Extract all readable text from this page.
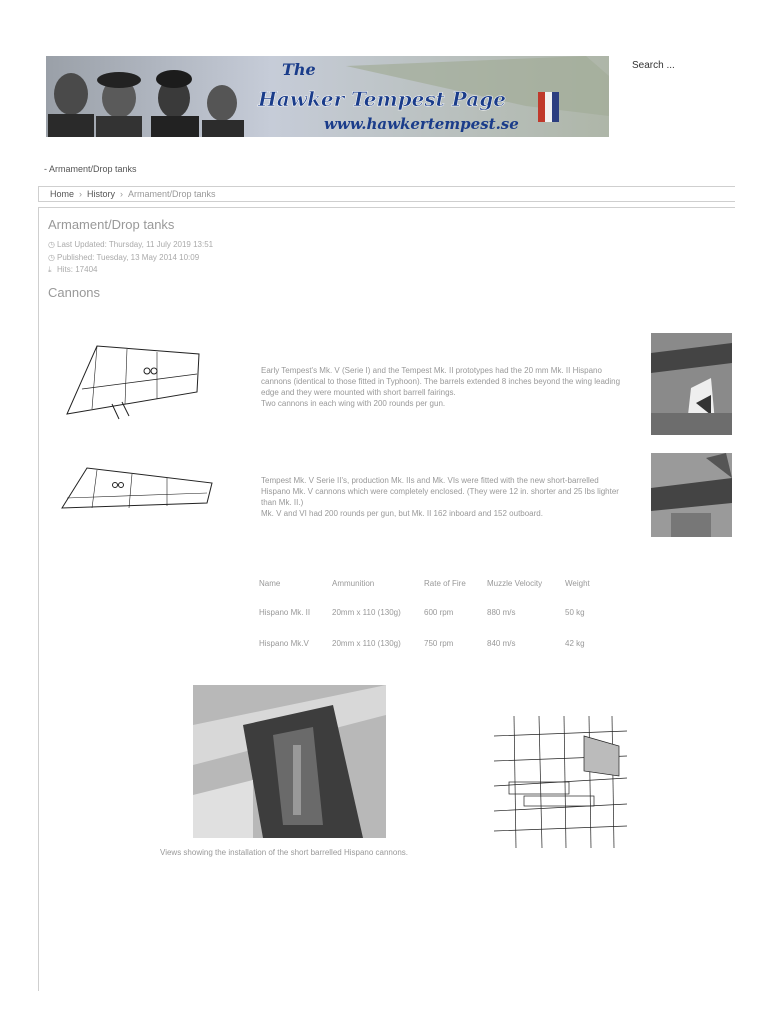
The
Hawker Tempest Page
www.hawkertempest.se
Search ...
- Armament/Drop tanks
Home › History › Armament/Drop tanks
Armament/Drop tanks
◷ Last Updated: Thursday, 11 July 2019 13:51
◷ Published: Tuesday, 13 May 2014 10:09
⤓ Hits: 17404
Cannons
Early Tempest's Mk. V (Serie I) and the Tempest Mk. II prototypes had the 20 mm Mk. II Hispano cannons (identical to those fitted in Typhoon). The barrels extended 8 inches beyond the wing leading edge and they were mounted with short barrell fairings.
Two cannons in each wing with 200 rounds per gun.
Tempest Mk. V Serie II's, production Mk. IIs and Mk. VIs were fitted with the new short-barrelled Hispano Mk. V cannons which were completely enclosed. (They were 12 in. shorter and 25 lbs lighter than Mk. II.)
Mk. V and VI had 200 rounds per gun, but Mk. II 162 inboard and 152 outboard.
Name	Ammunition	Rate of Fire	Muzzle Velocity	Weight
Hispano Mk. II	20mm x 110 (130g)	600 rpm	880 m/s	50 kg
Hispano Mk.V	20mm x 110 (130g)	750 rpm	840 m/s	42 kg
Views showing the installation of the short barrelled Hispano cannons.
